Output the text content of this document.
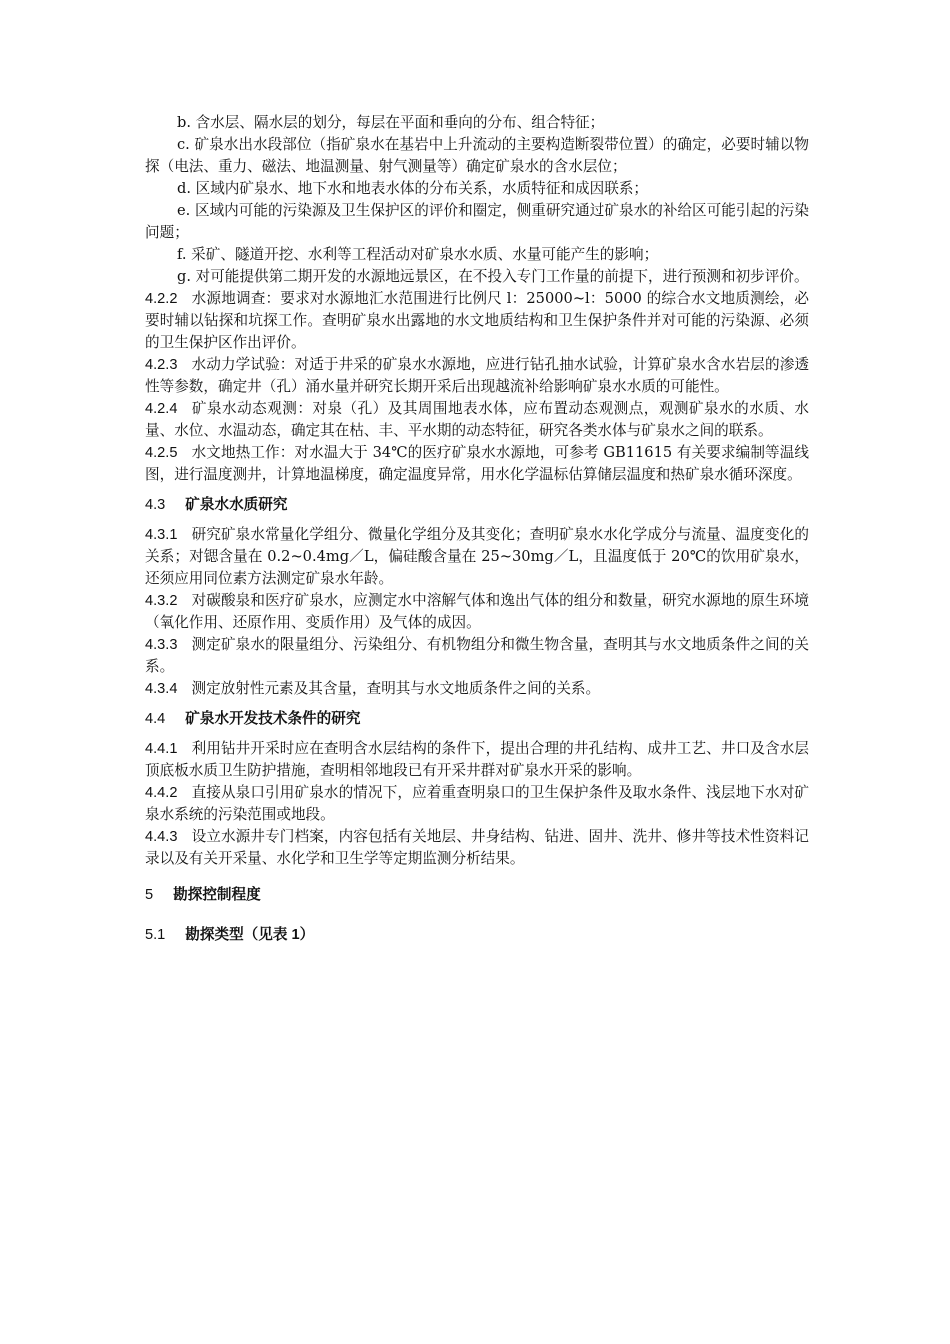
b. 含水层、隔水层的划分，每层在平面和垂向的分布、组合特征；

c. 矿泉水出水段部位（指矿泉水在基岩中上升流动的主要构造断裂带位置）的确定，必要时辅以物探（电法、重力、磁法、地温测量、射气测量等）确定矿泉水的含水层位；

d. 区域内矿泉水、地下水和地表水体的分布关系，水质特征和成因联系；

e. 区域内可能的污染源及卫生保护区的评价和圈定，侧重研究通过矿泉水的补给区可能引起的污染问题；

f. 采矿、隧道开挖、水利等工程活动对矿泉水水质、水量可能产生的影响；

g. 对可能提供第二期开发的水源地远景区，在不投入专门工作量的前提下，进行预测和初步评价。

4.2.2 水源地调查：要求对水源地汇水范围进行比例尺 l：25000~l：5000 的综合水文地质测绘，必要时辅以钻探和坑探工作。查明矿泉水出露地的水文地质结构和卫生保护条件并对可能的污染源、必须的卫生保护区作出评价。

4.2.3 水动力学试验：对适于井采的矿泉水水源地，应进行钻孔抽水试验，计算矿泉水含水岩层的渗透性等参数，确定井（孔）涌水量并研究长期开采后出现越流补给影响矿泉水水质的可能性。

4.2.4 矿泉水动态观测：对泉（孔）及其周围地表水体，应布置动态观测点，观测矿泉水的水质、水量、水位、水温动态，确定其在枯、丰、平水期的动态特征，研究各类水体与矿泉水之间的联系。

4.2.5 水文地热工作：对水温大于 34℃的医疗矿泉水水源地，可参考 GB11615 有关要求编制等温线图，进行温度测井，计算地温梯度，确定温度异常，用水化学温标估算储层温度和热矿泉水循环深度。

4.3 矿泉水水质研究

4.3.1 研究矿泉水常量化学组分、微量化学组分及其变化；查明矿泉水水化学成分与流量、温度变化的关系；对锶含量在 0.2~0.4mg／L，偏硅酸含量在 25~30mg／L，且温度低于 20℃的饮用矿泉水，还须应用同位素方法测定矿泉水年龄。

4.3.2 对碳酸泉和医疗矿泉水，应测定水中溶解气体和逸出气体的组分和数量，研究水源地的原生环境（氧化作用、还原作用、变质作用）及气体的成因。

4.3.3 测定矿泉水的限量组分、污染组分、有机物组分和微生物含量，查明其与水文地质条件之间的关系。

4.3.4 测定放射性元素及其含量，查明其与水文地质条件之间的关系。

4.4 矿泉水开发技术条件的研究

4.4.1 利用钻井开采时应在查明含水层结构的条件下，提出合理的井孔结构、成井工艺、井口及含水层顶底板水质卫生防护措施，查明相邻地段已有开采井群对矿泉水开采的影响。

4.4.2 直接从泉口引用矿泉水的情况下，应着重查明泉口的卫生保护条件及取水条件、浅层地下水对矿泉水系统的污染范围或地段。

4.4.3 设立水源井专门档案，内容包括有关地层、井身结构、钻进、固井、洗井、修井等技术性资料记录以及有关开采量、水化学和卫生学等定期监测分析结果。

5 勘探控制程度

5.1 勘探类型（见表 1）
